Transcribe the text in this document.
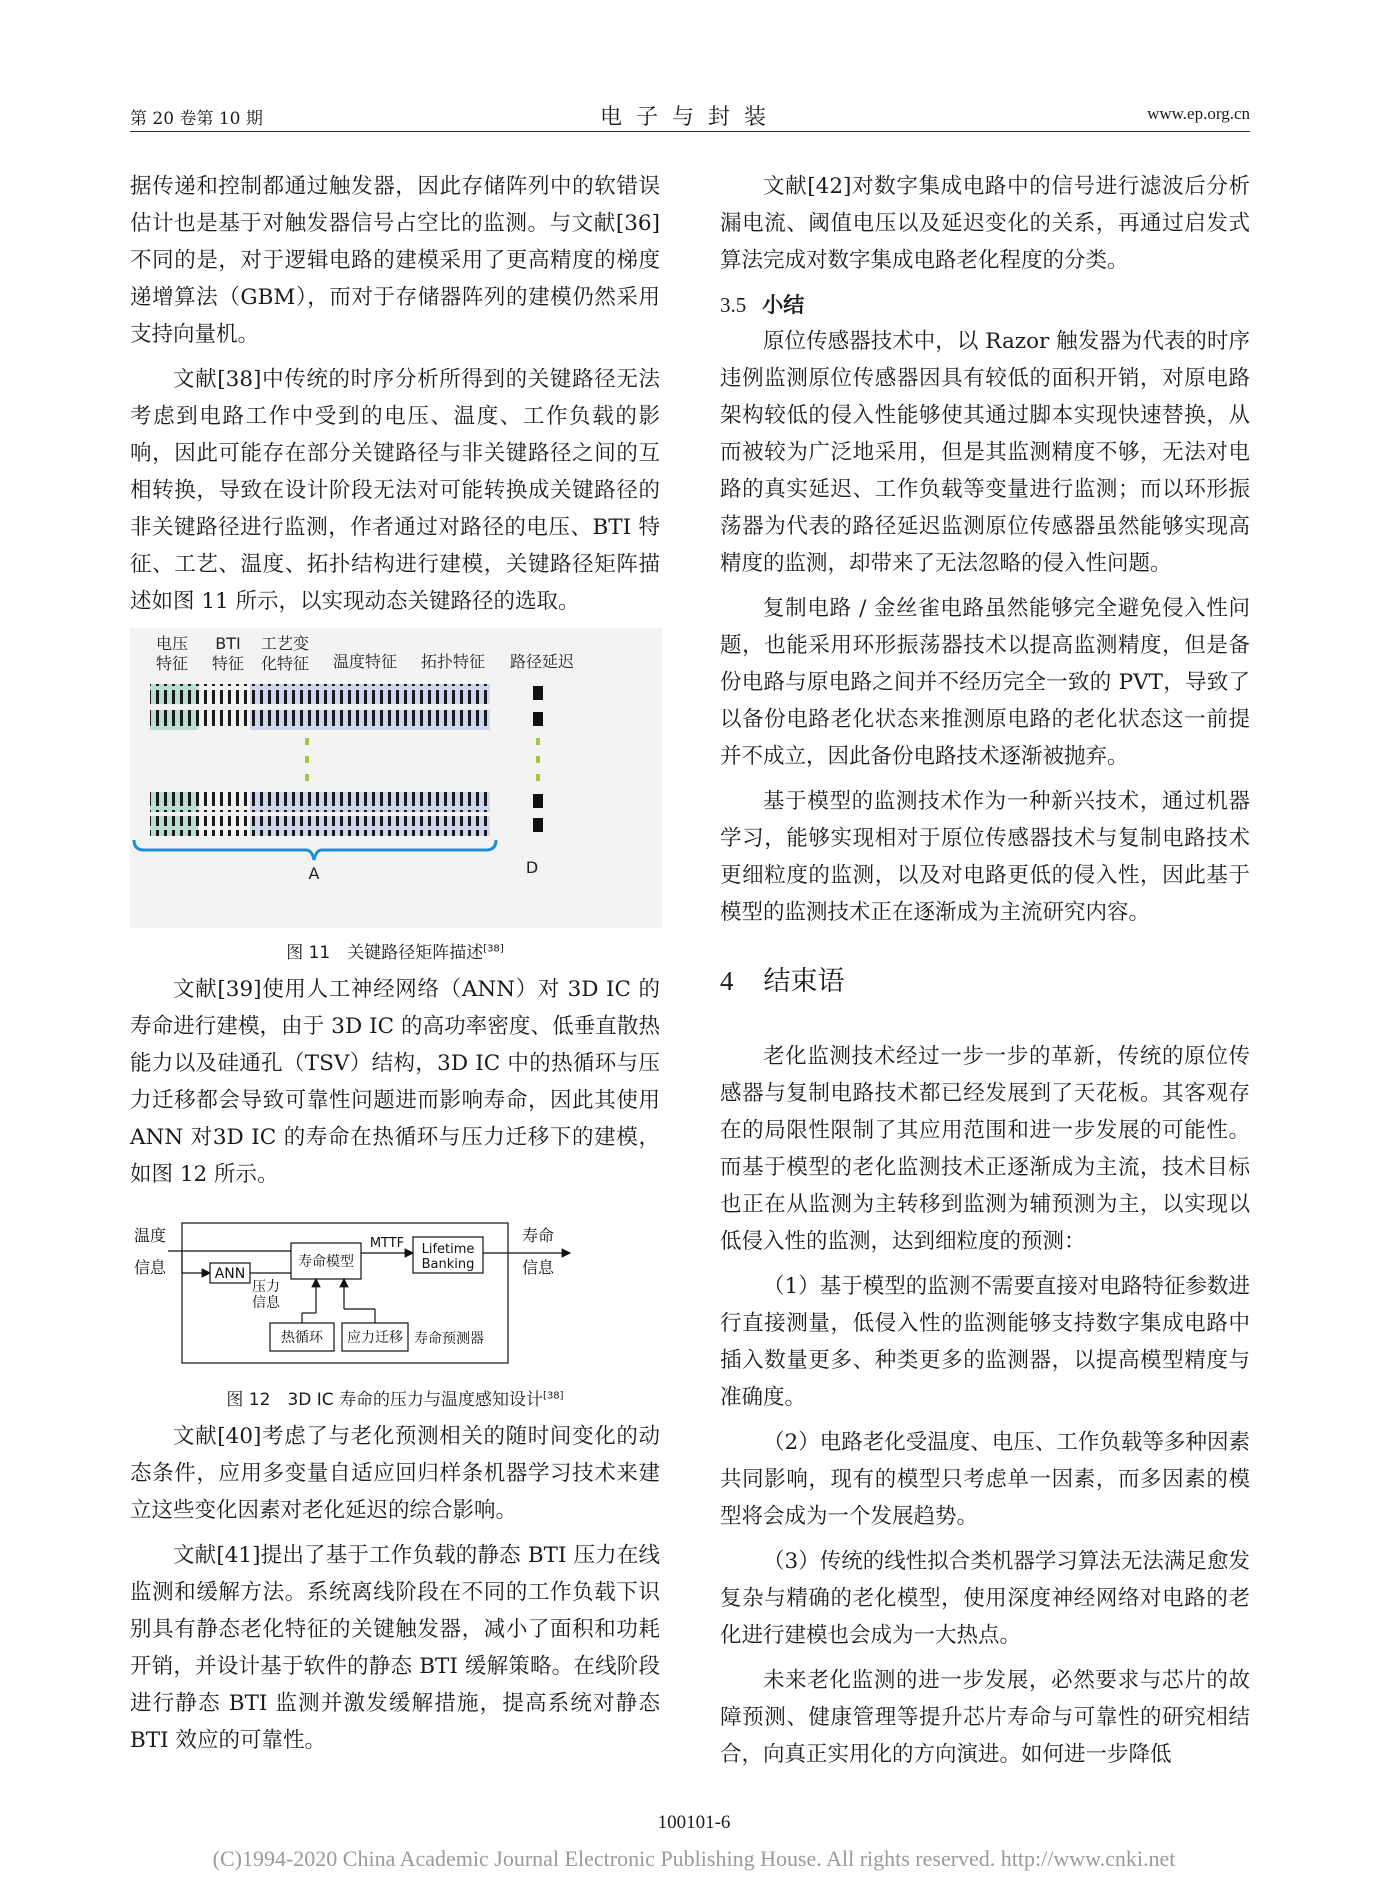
第 20 卷第 10 期	电子与封装	www.ep.org.cn

据传递和控制都通过触发器，因此存储阵列中的软错误估计也是基于对触发器信号占空比的监测。与文献[36]不同的是，对于逻辑电路的建模采用了更高精度的梯度递增算法（GBM），而对于存储器阵列的建模仍然采用支持向量机。

文献[38]中传统的时序分析所得到的关键路径无法考虑到电路工作中受到的电压、温度、工作负载的影响，因此可能存在部分关键路径与非关键路径之间的互相转换，导致在设计阶段无法对可能转换成关键路径的非关键路径进行监测，作者通过对路径的电压、BTI 特征、工艺、温度、拓扑结构进行建模，关键路径矩阵描述如图 11 所示，以实现动态关键路径的选取。

电压 特征
BTI 特征
工艺变 化特征	温度特征	拓扑特征	路径延迟
A	D

图 11　关键路径矩阵描述[38]

文献[39]使用人工神经网络（ANN）对 3D IC 的寿命进行建模，由于 3D IC 的高功率密度、低垂直散热能力以及硅通孔（TSV）结构，3D IC 中的热循环与压力迁移都会导致可靠性问题进而影响寿命，因此其使用 ANN 对3D IC 的寿命在热循环与压力迁移下的建模，如图 12 所示。

温度
信息	ANN
压力
信息
寿命模型
MTTF Lifetime
Banking
寿命
信息
热循环 应力迁移 寿命预测器

图 12　3D IC 寿命的压力与温度感知设计[38]

文献[40]考虑了与老化预测相关的随时间变化的动态条件，应用多变量自适应回归样条机器学习技术来建立这些变化因素对老化延迟的综合影响。

文献[41]提出了基于工作负载的静态 BTI 压力在线监测和缓解方法。系统离线阶段在不同的工作负载下识别具有静态老化特征的关键触发器，减小了面积和功耗开销，并设计基于软件的静态 BTI 缓解策略。在线阶段进行静态 BTI 监测并激发缓解措施，提高系统对静态 BTI 效应的可靠性。

文献[42]对数字集成电路中的信号进行滤波后分析漏电流、阈值电压以及延迟变化的关系，再通过启发式算法完成对数字集成电路老化程度的分类。

3.5 小结

原位传感器技术中，以 Razor 触发器为代表的时序违例监测原位传感器因具有较低的面积开销，对原电路架构较低的侵入性能够使其通过脚本实现快速替换，从而被较为广泛地采用，但是其监测精度不够，无法对电路的真实延迟、工作负载等变量进行监测；而以环形振荡器为代表的路径延迟监测原位传感器虽然能够实现高精度的监测，却带来了无法忽略的侵入性问题。

复制电路 / 金丝雀电路虽然能够完全避免侵入性问题，也能采用环形振荡器技术以提高监测精度，但是备份电路与原电路之间并不经历完全一致的 PVT，导致了以备份电路老化状态来推测原电路的老化状态这一前提并不成立，因此备份电路技术逐渐被抛弃。

基于模型的监测技术作为一种新兴技术，通过机器学习，能够实现相对于原位传感器技术与复制电路技术更细粒度的监测，以及对电路更低的侵入性，因此基于模型的监测技术正在逐渐成为主流研究内容。

4 结束语

老化监测技术经过一步一步的革新，传统的原位传感器与复制电路技术都已经发展到了天花板。其客观存在的局限性限制了其应用范围和进一步发展的可能性。而基于模型的老化监测技术正逐渐成为主流，技术目标也正在从监测为主转移到监测为辅预测为主，以实现以低侵入性的监测，达到细粒度的预测：

（1）基于模型的监测不需要直接对电路特征参数进行直接测量，低侵入性的监测能够支持数字集成电路中插入数量更多、种类更多的监测器，以提高模型精度与准确度。

（2）电路老化受温度、电压、工作负载等多种因素共同影响，现有的模型只考虑单一因素，而多因素的模型将会成为一个发展趋势。

（3）传统的线性拟合类机器学习算法无法满足愈发复杂与精确的老化模型，使用深度神经网络对电路的老化进行建模也会成为一大热点。

未来老化监测的进一步发展，必然要求与芯片的故障预测、健康管理等提升芯片寿命与可靠性的研究相结合，向真正实用化的方向演进。如何进一步降低

100101-6
(C)1994-2020 China Academic Journal Electronic Publishing House. All rights reserved. http://www.cnki.net
